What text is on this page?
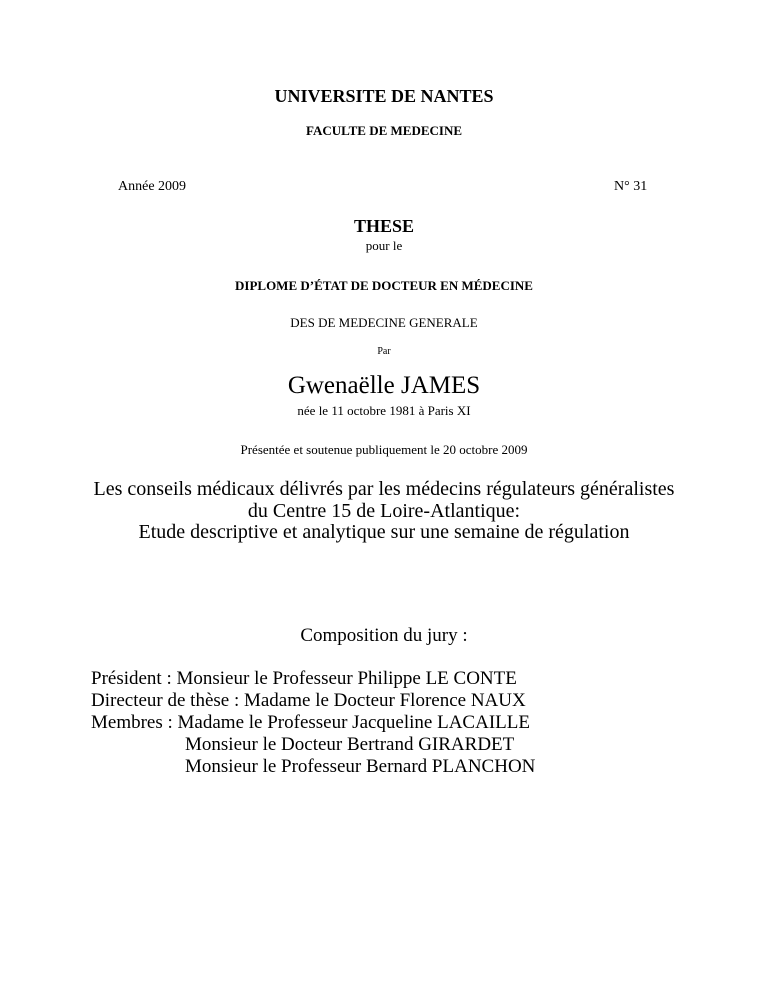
UNIVERSITE DE NANTES
FACULTE DE MEDECINE
Année 2009	N° 31
THESE
pour le
DIPLOME D’ÉTAT DE DOCTEUR EN MÉDECINE
DES DE MEDECINE GENERALE
Par
Gwenaëlle JAMES
née le 11 octobre 1981 à Paris XI
Présentée et soutenue publiquement le 20 octobre 2009
Les conseils médicaux délivrés par les médecins régulateurs généralistes
du Centre 15 de Loire-Atlantique:
Etude descriptive et analytique sur une semaine de régulation
Composition du jury :
Président : Monsieur le Professeur Philippe LE CONTE
Directeur de thèse : Madame le Docteur Florence NAUX
Membres : Madame le Professeur Jacqueline LACAILLE
Monsieur le Docteur Bertrand GIRARDET
Monsieur le Professeur Bernard PLANCHON
